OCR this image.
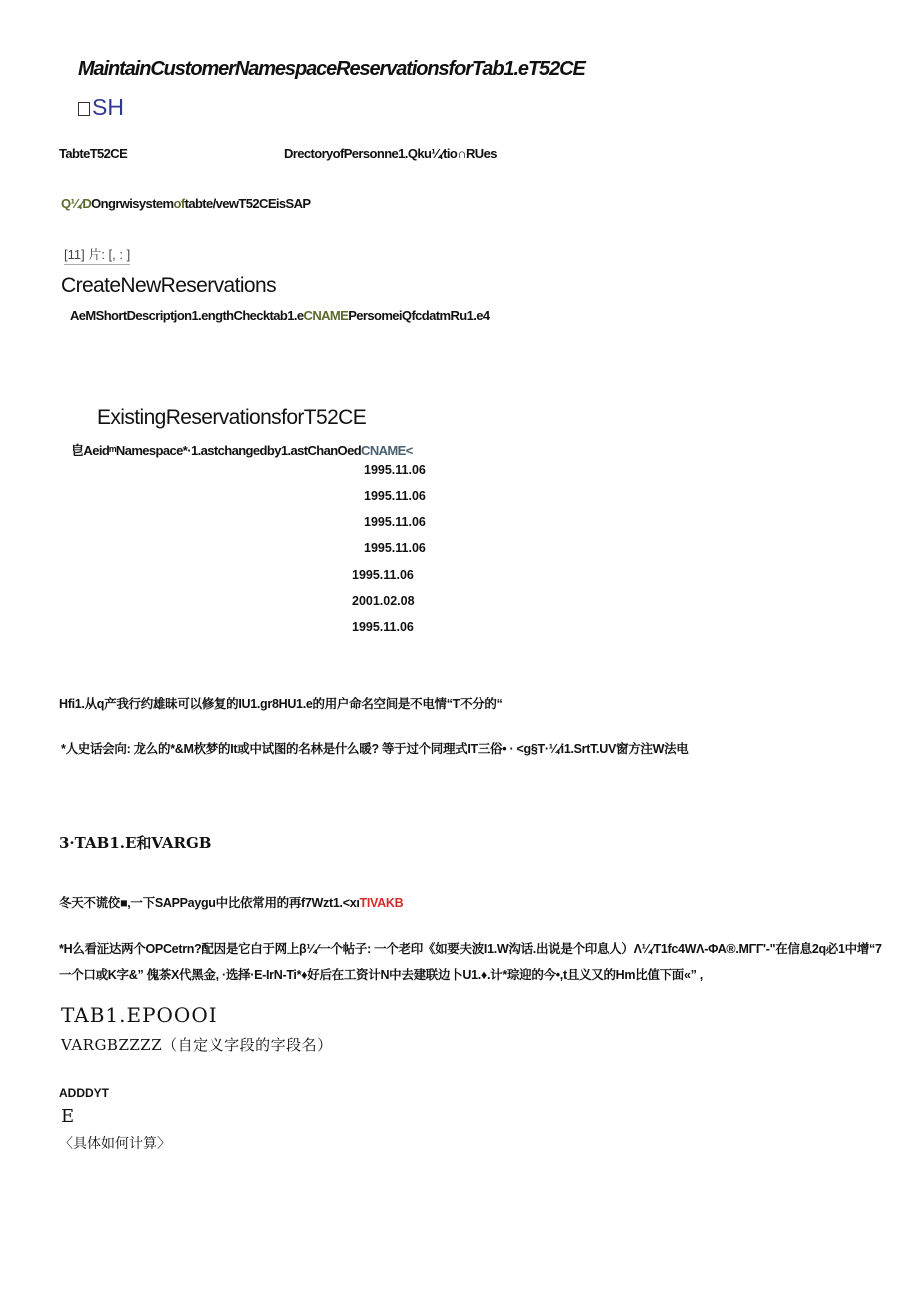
MaintainCustomerNamespaceReservationsforTab1.eT52CE
SH
TabteT52CE	Drectoryof​Personne1.Qku¼⁄tio∩RUes
Q¼⁄DOngrwisystemoftabte/vewT52CEisSAP
[11] 片: [, : ]
CreateNewReservations
AeMShortDescriptjon1.engthChecktab1.eCNAMEPersomeiQfcdatmRu1.e4
ExistingReservationsforT52CE
皀AeidᵐNamespace*·1.astchangedby1.astChanOedCNAME<
1995.11.06
1995.11.06
1995.11.06
1995.11.06
1995.11.06
2001.02.08
1995.11.06
Hfi1.从q产我行约雄昧可以修复的IU1.gr8HU1.e的用户命名空间是不电情“T不分的“
*人史话会向: 龙么的*&M杴梦的It或中试图的名林是什么暖? 等于过个同理式IT三俗• · <g§T·¼⁄i1.SrtT.UV窗方注W法电
3·TAB1.E和VARGB
冬天不谎佼■,一下SAPPaygu中比依常用的再f7Wzt1.<xıTIVAKB
*H么看泟达两个OPCetrn?配因是它白于网上β¼⁄一个帖子: 一个老印《如要夫波I1.W沟话.出说是个印息人）Λ¼⁄T1fc4WΛ-ΦΑ®.MΓΓ'-"在信息2q必1中增“7
一个口或K字&” 傀茶X代黑金, ·选择·E-IrN-Ti*♦好后在工资计N中去建联边卜U1.♦.计*琮迎的今•,t且义又的Hm比值下面«” ,
TAB1.EPOOOI
VARGBZZZZ（自定义字段的字段名）
ADDDYT
E
〈具体如何计算〉
